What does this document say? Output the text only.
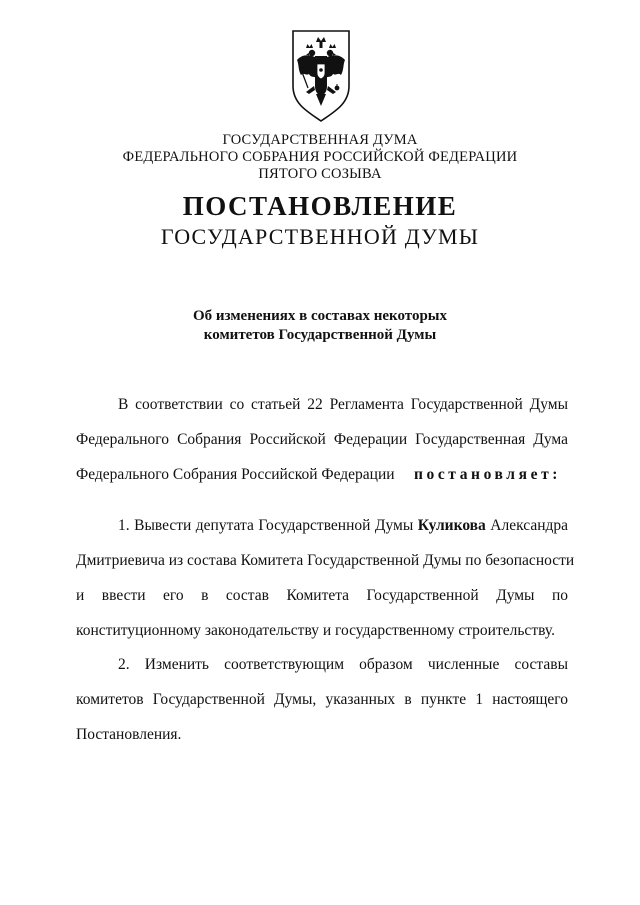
ГОСУДАРСТВЕННАЯ ДУМА
ФЕДЕРАЛЬНОГО СОБРАНИЯ РОССИЙСКОЙ ФЕДЕРАЦИИ
ПЯТОГО СОЗЫВА
ПОСТАНОВЛЕНИЕ
ГОСУДАРСТВЕННОЙ ДУМЫ
Об изменениях в составах некоторых
комитетов Государственной Думы
В соответствии со статьей 22 Регламента Государственной Думы
Федерального Собрания Российской Федерации Государственная Дума
Федерального Собрания Российской Федерации постановляет:
1. Вывести депутата Государственной Думы Куликова Александра
Дмитриевича из состава Комитета Государственной Думы по безопасности
и ввести его в состав Комитета Государственной Думы по
конституционному законодательству и государственному строительству.
2. Изменить соответствующим образом численные составы
комитетов Государственной Думы, указанных в пункте 1 настоящего
Постановления.
